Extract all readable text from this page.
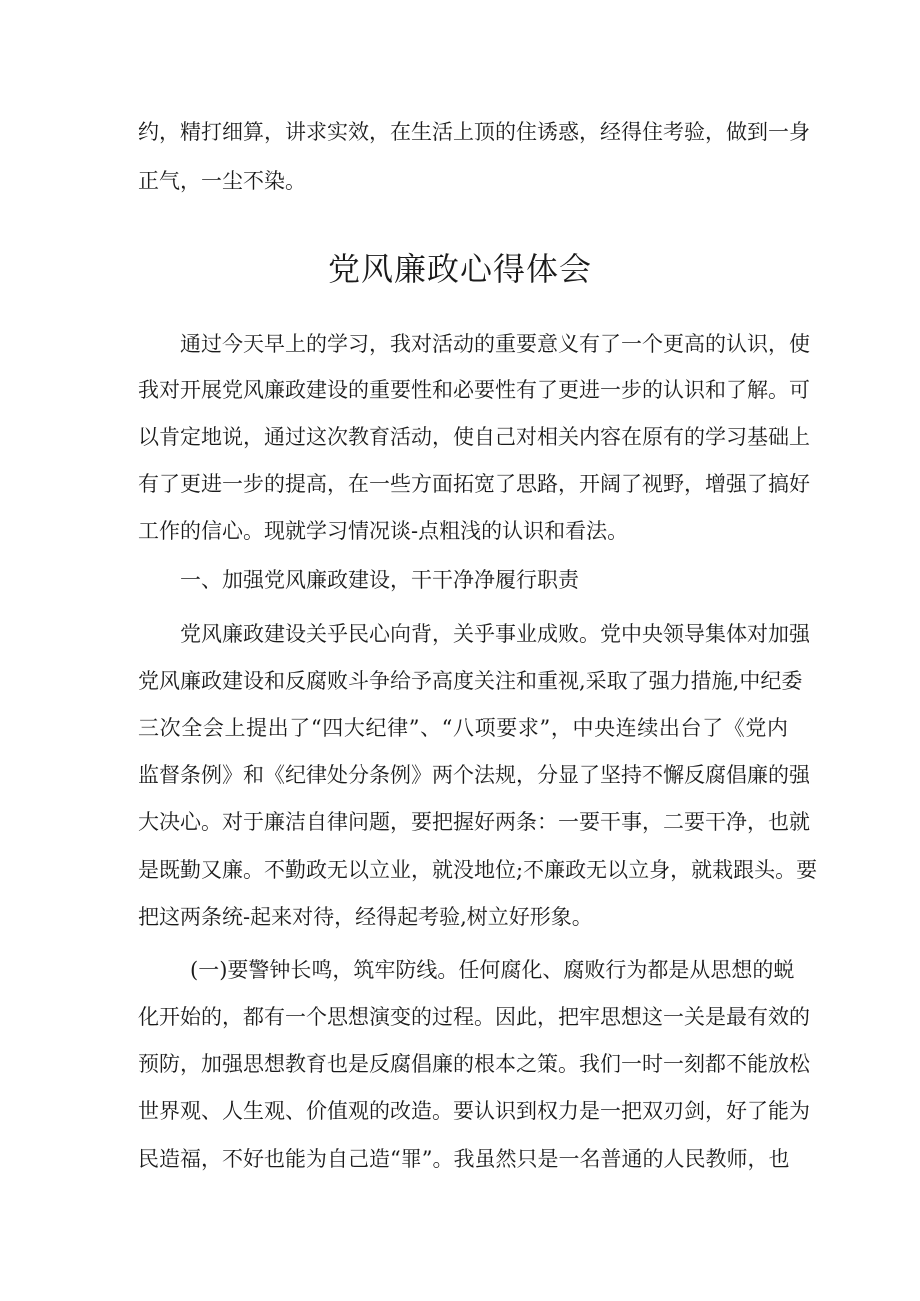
约，精打细算，讲求实效，在生活上顶的住诱惑，经得住考验，做到一身
正气，一尘不染。
党风廉政心得体会
通过今天早上的学习，我对活动的重要意义有了一个更高的认识，使
我对开展党风廉政建设的重要性和必要性有了更进一步的认识和了解。可
以肯定地说，通过这次教育活动，使自己对相关内容在原有的学习基础上
有了更进一步的提高，在一些方面拓宽了思路，开阔了视野，增强了搞好
工作的信心。现就学习情况谈-点粗浅的认识和看法。
一、加强党风廉政建设，干干净净履行职责
党风廉政建设关乎民心向背，关乎事业成败。党中央领导集体对加强
党风廉政建设和反腐败斗争给予高度关注和重视,采取了强力措施,中纪委
三次全会上提出了“四大纪律”、“八项要求”，中央连续出台了《党内
监督条例》和《纪律处分条例》两个法规，分显了坚持不懈反腐倡廉的强
大决心。对于廉洁自律问题，要把握好两条：一要干事，二要干净，也就
是既勤又廉。不勤政无以立业，就没地位;不廉政无以立身，就栽跟头。要
把这两条统-起来对待，经得起考验,树立好形象。
(一)要警钟长鸣，筑牢防线。任何腐化、腐败行为都是从思想的蜕
化开始的，都有一个思想演变的过程。因此，把牢思想这一关是最有效的
预防，加强思想教育也是反腐倡廉的根本之策。我们一时一刻都不能放松
世界观、人生观、价值观的改造。要认识到权力是一把双刃剑，好了能为
民造福，不好也能为自己造“罪”。我虽然只是一名普通的人民教师，也
